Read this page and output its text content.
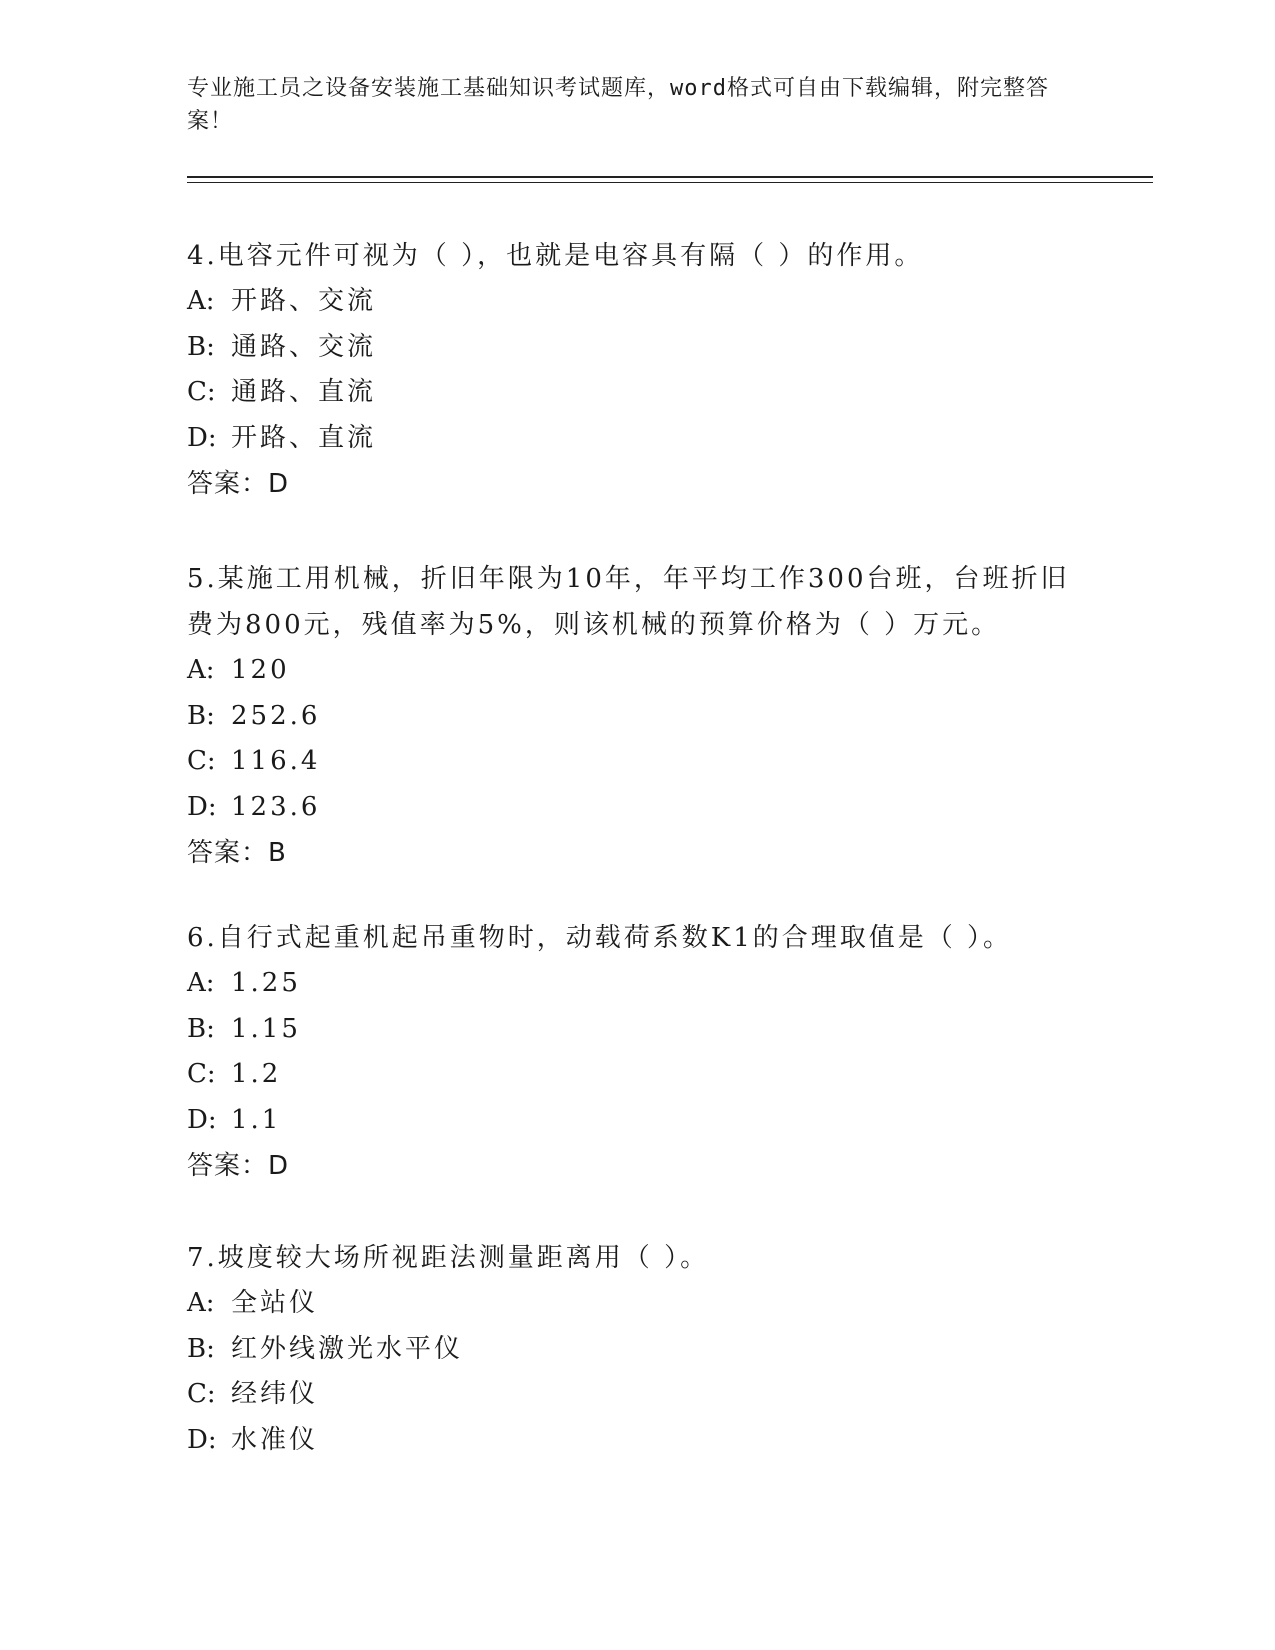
专业施工员之设备安装施工基础知识考试题库，word格式可自由下载编辑，附完整答案！

4.电容元件可视为（ ），也就是电容具有隔（ ）的作用。

A: 开路、交流

B: 通路、交流

C: 通路、直流

D: 开路、直流

答案：D

5.某施工用机械，折旧年限为10年，年平均工作300台班，台班折旧费为800元，残值率为5%，则该机械的预算价格为（ ）万元。

A: 120

B: 252.6

C: 116.4

D: 123.6

答案：B

6.自行式起重机起吊重物时，动载荷系数K1的合理取值是（ ）。

A: 1.25

B: 1.15

C: 1.2

D: 1.1

答案：D

7.坡度较大场所视距法测量距离用（ ）。

A: 全站仪

B: 红外线激光水平仪

C: 经纬仪

D: 水准仪
